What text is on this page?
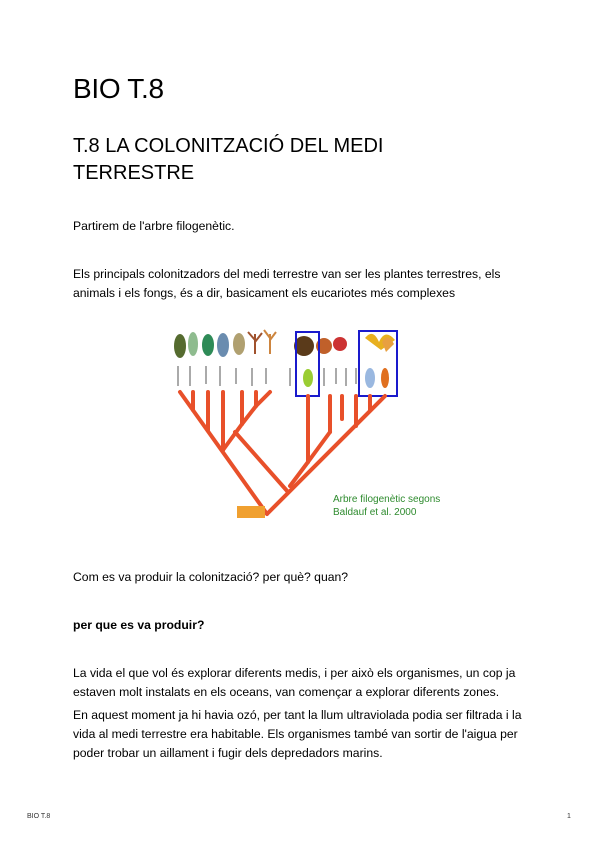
BIO T.8
T.8 LA COLONITZACIÓ DEL MEDI TERRESTRE

Partirem de l'arbre filogenètic.

Els principals colonitzadors del medi terrestre van ser les plantes terrestres, els animals i els fongs, és a dir, basicament els eucariotes més complexes

Arbre filogenètic segons
Baldauf et al. 2000

Com es va produir la colonització? per què? quan?

per que es va produir?

La vida el que vol és explorar diferents medis, i per això els organismes, un cop ja estaven molt instalats en els oceans, van començar a explorar diferents zones.

En aquest moment ja hi havia ozó, per tant la llum ultraviolada podia ser filtrada i la vida al medi terrestre era habitable. Els organismes també van sortir de l'aigua per poder trobar un aillament i fugir dels depredadors marins.

BIO T.8	1
